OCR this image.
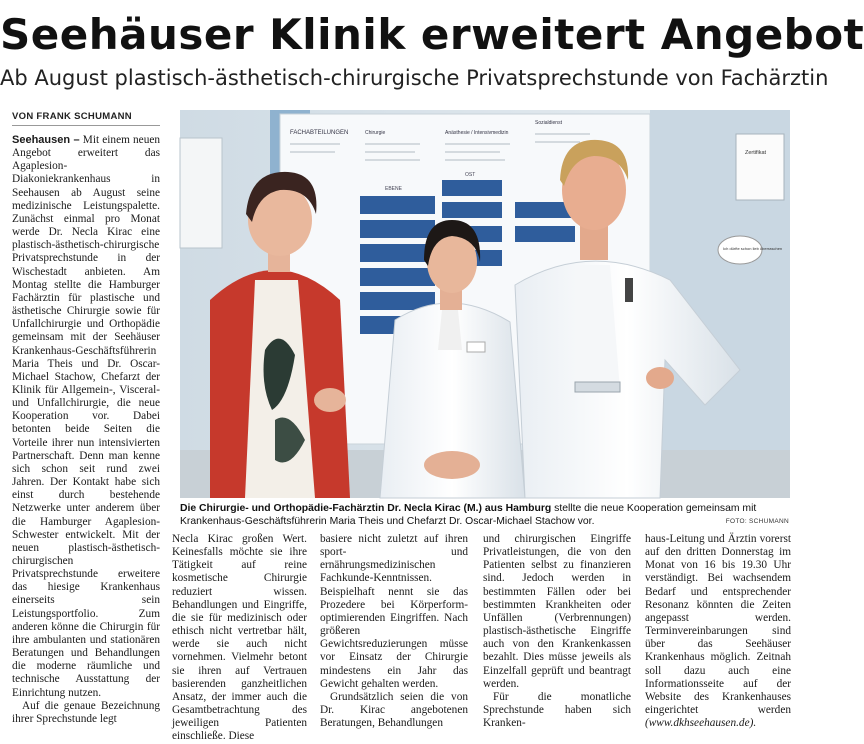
Seehäuser Klinik erweitert Angebot
Ab August plastisch-ästhetisch-chirurgische Privatsprechstunde von Fachärztin
VON FRANK SCHUMANN

Seehausen – Mit einem neuen Angebot erweitert das Agaplesion-Diakoniekrankenhaus in Seehausen ab August seine medizinische Leistungspalette. Zunächst einmal pro Monat werde Dr. Necla Kirac eine plastisch-ästhetisch-chirurgische Privatsprechstunde in der Wischestadt anbieten. Am Montag stellte die Hamburger Fachärztin für plastische und ästhetische Chirurgie sowie für Unfallchirurgie und Orthopädie gemeinsam mit der Seehäuser Krankenhaus-Geschäftsführerin Maria Theis und Dr. Oscar-Michael Stachow, Chefarzt der Klinik für Allgemein-, Visceral- und Unfallchirurgie, die neue Kooperation vor. Dabei betonten beide Seiten die Vorteile ihrer nun intensivierten Partnerschaft. Denn man kenne sich schon seit rund zwei Jahren. Der Kontakt habe sich einst durch bestehende Netzwerke unter anderem über die Hamburger Agaplesion-Schwester entwickelt. Mit der neuen plastisch-ästhetisch-chirurgischen Privatsprechstunde erweitere das hiesige Krankenhaus einerseits sein Leistungsportfolio. Zum anderen könne die Chirurgin für ihre ambulanten und stationären Beratungen und Behandlungen die moderne räumliche und technische Ausstattung der Einrichtung nutzen.

Auf die genaue Bezeichnung ihrer Sprechstunde legt

FACHABTEILUNGEN	Chirurgie	Anästhesie / Intensivmedizin
Sozialdienst
EBENE
OST
Zertifikat
Ich dürfte schon lieb überraschen
Die Chirurgie- und Orthopädie-Fachärztin Dr. Necla Kirac (M.) aus Hamburg stellte die neue Kooperation gemeinsam mit Krankenhaus-Geschäftsführerin Maria Theis und Chefarzt Dr. Oscar-Michael Stachow vor.	FOTO: SCHUMANN

Necla Kirac großen Wert. Keinesfalls möchte sie ihre Tätigkeit auf reine kosmetische Chirurgie reduziert wissen. Behandlungen und Eingriffe, die sie für medizinisch oder ethisch nicht vertretbar hält, werde sie auch nicht vornehmen. Vielmehr betont sie ihren auf Vertrauen basierenden ganzheitlichen Ansatz, der immer auch die Gesamtbetrachtung des jeweiligen Patienten einschließe. Diese

basiere nicht zuletzt auf ihren sport- und ernährungsmedizinischen Fachkunde-Kenntnissen. Beispielhaft nennt sie das Prozedere bei Körperform-optimierenden Eingriffen. Nach größeren Gewichtsreduzierungen müsse vor Einsatz der Chirurgie mindestens ein Jahr das Gewicht gehalten werden.

Grundsätzlich seien die von Dr. Kirac angebotenen Beratungen, Behandlungen

und chirurgischen Eingriffe Privatleistungen, die von den Patienten selbst zu finanzieren sind. Jedoch werden in bestimmten Fällen oder bei bestimmten Krankheiten oder Unfällen (Verbrennungen) plastisch-ästhetische Eingriffe auch von den Krankenkassen bezahlt. Dies müsse jeweils als Einzelfall geprüft und beantragt werden.

Für die monatliche Sprechstunde haben sich Kranken-

haus-Leitung und Ärztin vorerst auf den dritten Donnerstag im Monat von 16 bis 19.30 Uhr verständigt. Bei wachsendem Bedarf und entsprechender Resonanz könnten die Zeiten angepasst werden. Terminvereinbarungen sind über das Seehäuser Krankenhaus möglich. Zeitnah soll dazu auch eine Informationsseite auf der Website des Krankenhauses eingerichtet werden (www.dkhseehausen.de).
